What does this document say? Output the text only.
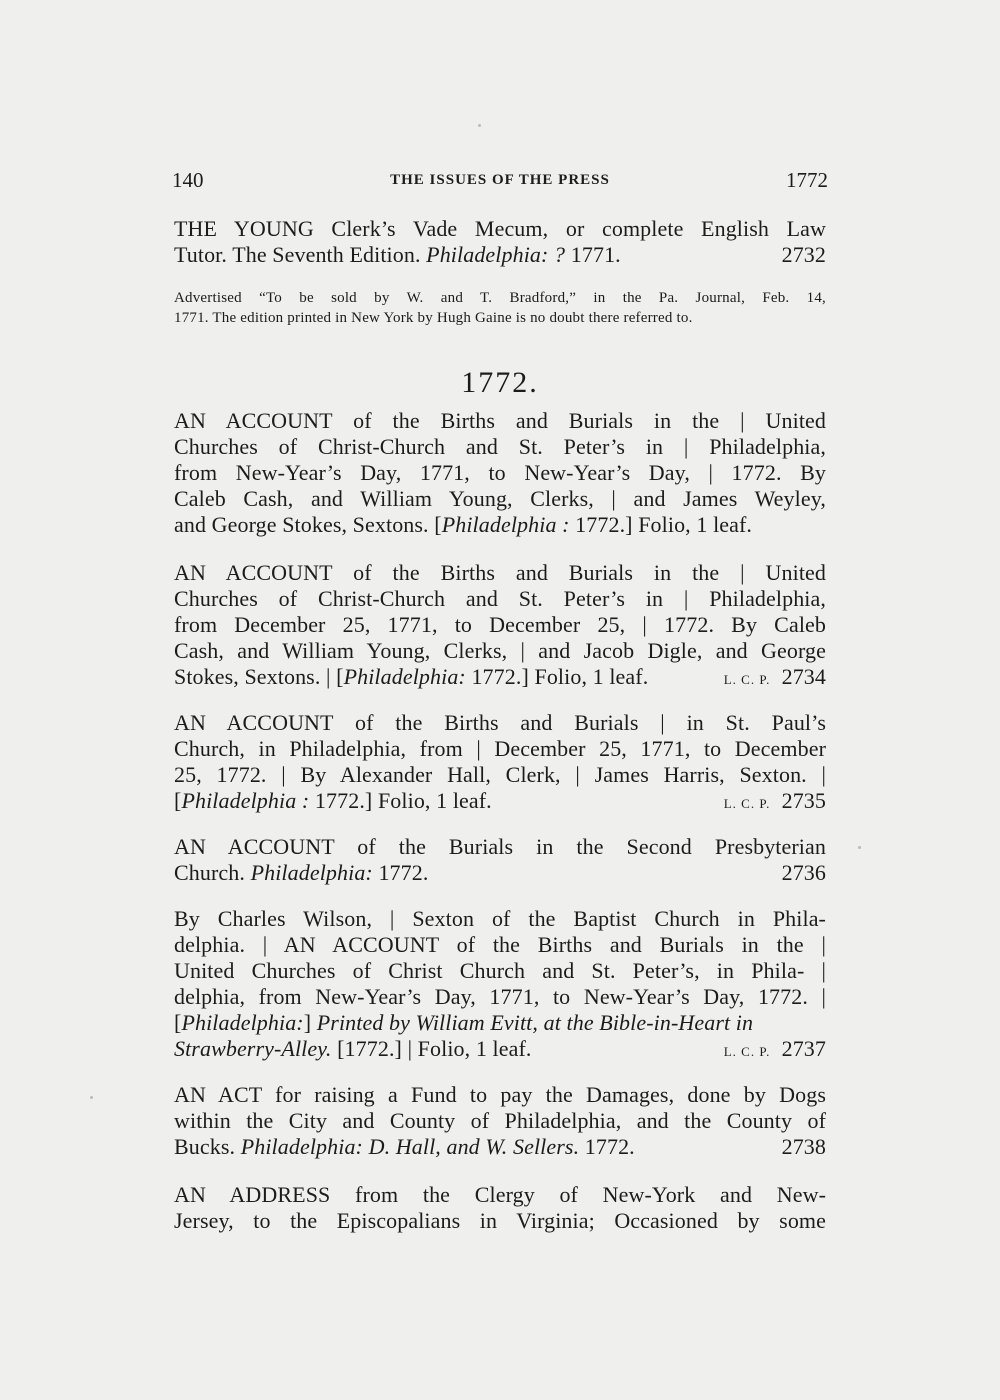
140	THE ISSUES OF THE PRESS	1772
THE YOUNG Clerk’s Vade Mecum, or complete English Law
Tutor. The Seventh Edition. Philadelphia: ? 1771.	2732
Advertised “To be sold by W. and T. Bradford,” in the Pa. Journal, Feb. 14,
1771. The edition printed in New York by Hugh Gaine is no doubt there referred to.
1772.
AN ACCOUNT of the Births and Burials in the | United
Churches of Christ-Church and St. Peter’s in | Philadelphia,
from New-Year’s Day, 1771, to New-Year’s Day, | 1772. By
Caleb Cash, and William Young, Clerks, | and James Weyley,
and George Stokes, Sextons. [Philadelphia : 1772.] Folio, 1 leaf.
AN ACCOUNT of the Births and Burials in the | United
Churches of Christ-Church and St. Peter’s in | Philadelphia,
from December 25, 1771, to December 25, | 1772. By Caleb
Cash, and William Young, Clerks, | and Jacob Digle, and George
Stokes, Sextons. | [Philadelphia: 1772.] Folio, 1 leaf.	L. C. P. 2734
AN ACCOUNT of the Births and Burials | in St. Paul’s
Church, in Philadelphia, from | December 25, 1771, to December
25, 1772. | By Alexander Hall, Clerk, | James Harris, Sexton. |
[Philadelphia : 1772.] Folio, 1 leaf.	L. C. P. 2735
AN ACCOUNT of the Burials in the Second Presbyterian
Church. Philadelphia: 1772.	2736
By Charles Wilson, | Sexton of the Baptist Church in Phila-
delphia. | AN ACCOUNT of the Births and Burials in the |
United Churches of Christ Church and St. Peter’s, in Phila- |
delphia, from New-Year’s Day, 1771, to New-Year’s Day, 1772. |
[Philadelphia:] Printed by William Evitt, at the Bible-in-Heart in
Strawberry-Alley. [1772.] | Folio, 1 leaf.	L. C. P. 2737
AN ACT for raising a Fund to pay the Damages, done by Dogs
within the City and County of Philadelphia, and the County of
Bucks. Philadelphia: D. Hall, and W. Sellers. 1772.	2738
AN ADDRESS from the Clergy of New-York and New-
Jersey, to the Episcopalians in Virginia; Occasioned by some
